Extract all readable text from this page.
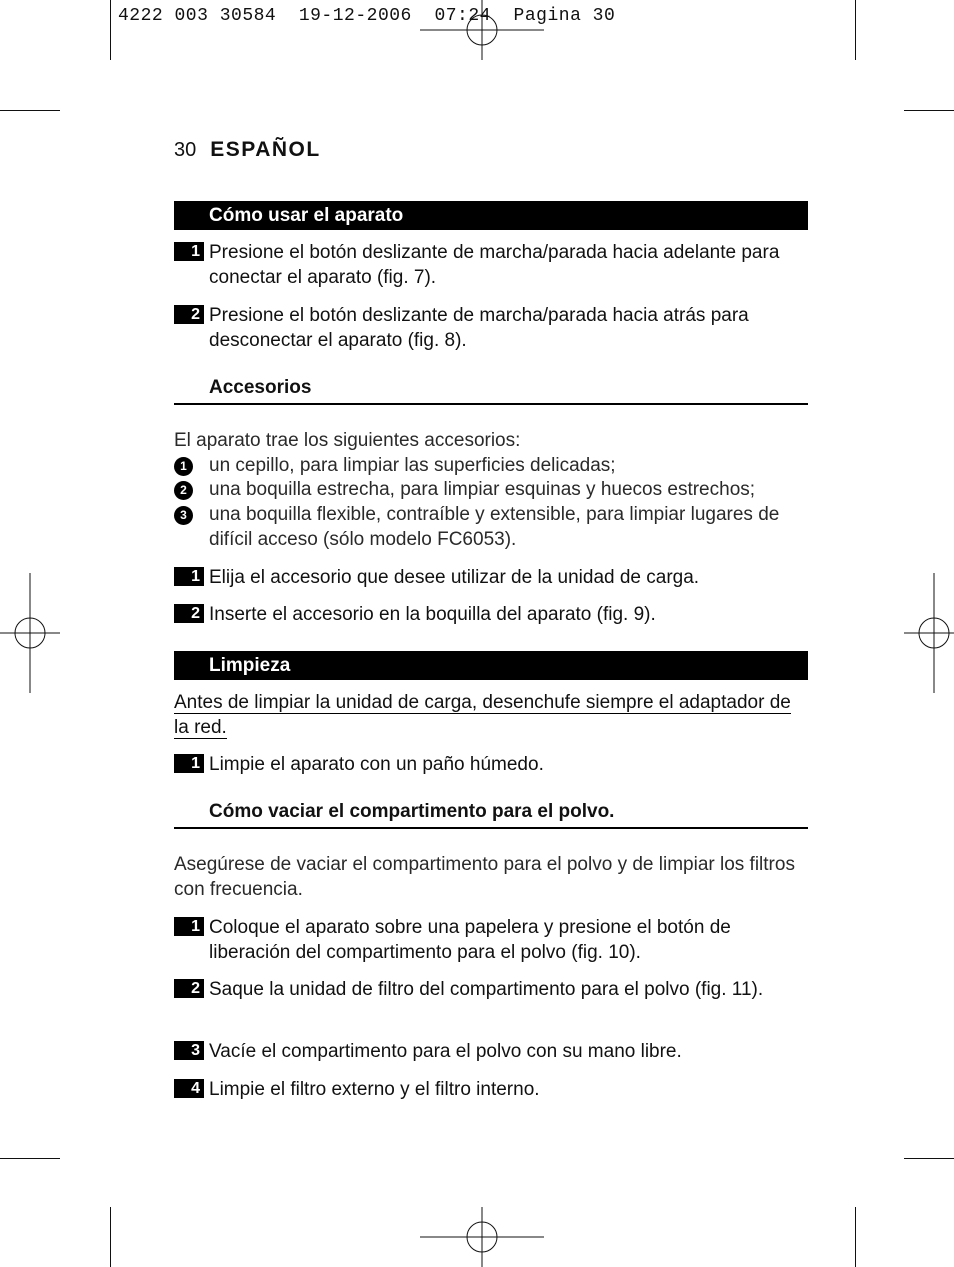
4222 003 30584  19-12-2006  07:24  Pagina 30
30 ESPAÑOL
Cómo usar el aparato
1 Presione el botón deslizante de marcha/parada hacia adelante para conectar el aparato (fig. 7).
2 Presione el botón deslizante de marcha/parada hacia atrás para desconectar el aparato (fig. 8).
Accesorios
El aparato trae los siguientes accesorios:
1	un cepillo, para limpiar las superficies delicadas;
2	una boquilla estrecha, para limpiar esquinas y huecos estrechos;
3	una boquilla flexible, contraíble y extensible, para limpiar lugares de difícil acceso (sólo modelo FC6053).
1 Elija el accesorio que desee utilizar de la unidad de carga.
2 Inserte el accesorio en la boquilla del aparato (fig. 9).
Limpieza
Antes de limpiar la unidad de carga, desenchufe siempre el adaptador de la red.
1 Limpie el aparato con un paño húmedo.
Cómo vaciar el compartimento para el polvo.
Asegúrese de vaciar el compartimento para el polvo y de limpiar los filtros con frecuencia.
1 Coloque el aparato sobre una papelera y presione el botón de liberación del compartimento para el polvo (fig. 10).
2 Saque la unidad de filtro del compartimento para el polvo (fig. 11).
3 Vacíe el compartimento para el polvo con su mano libre.
4 Limpie el filtro externo y el filtro interno.
